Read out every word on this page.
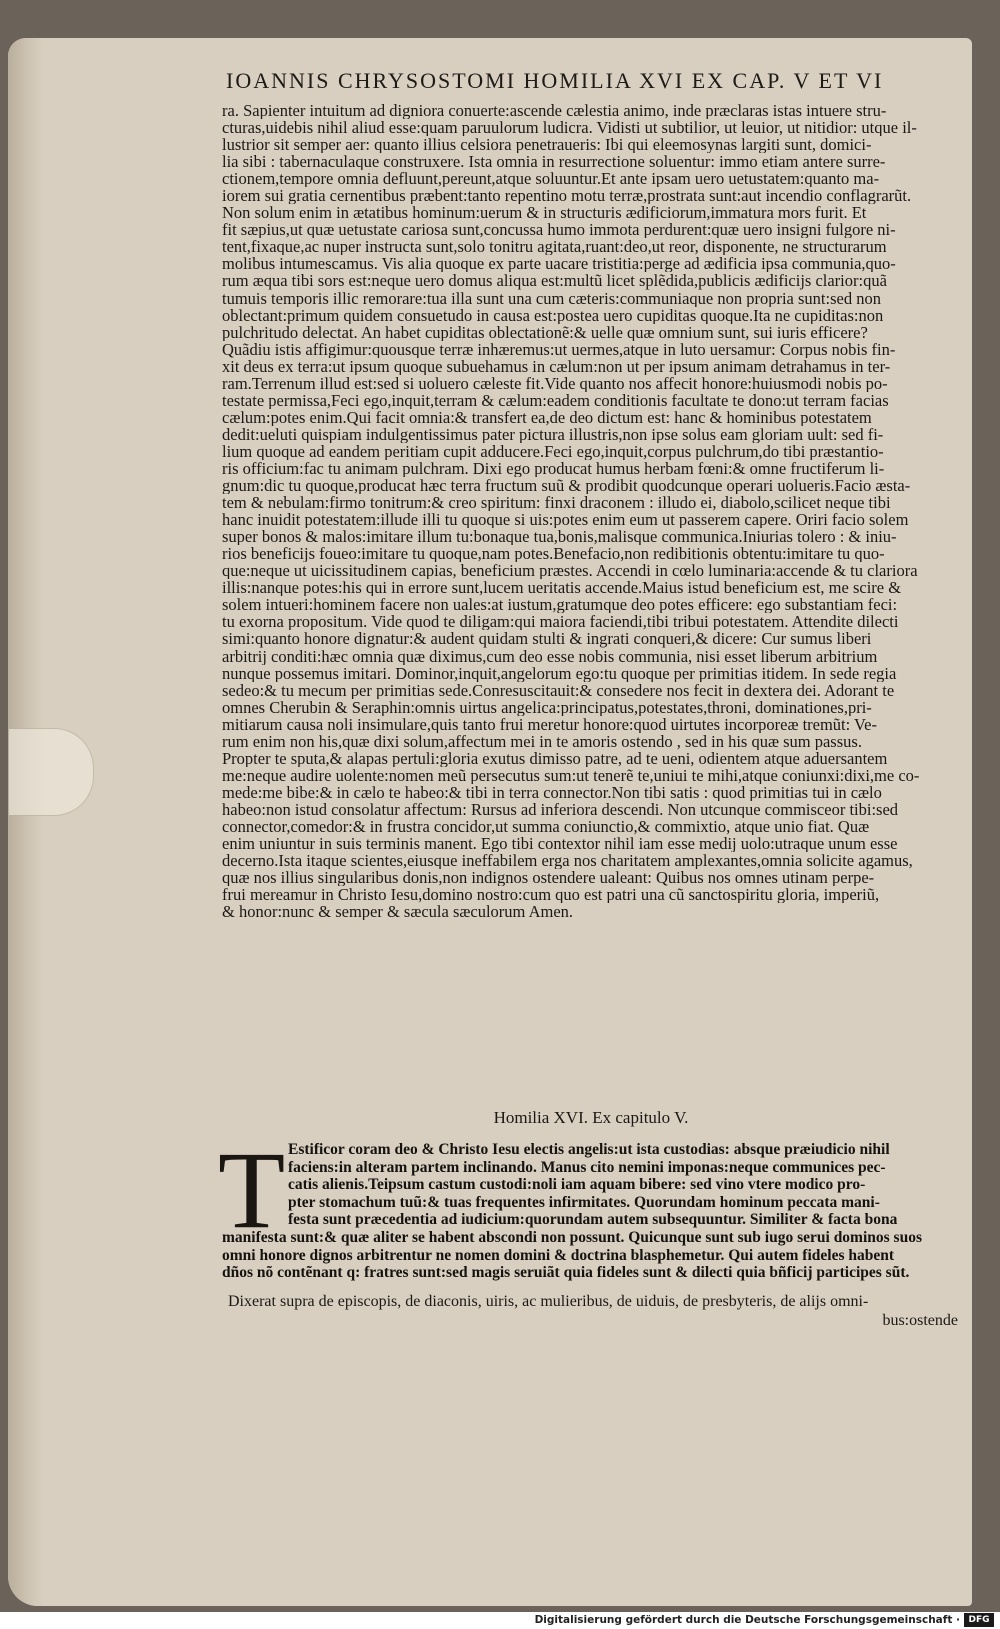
IOANNIS CHRYSOSTOMI HOMILIA XVI EX CAP. V ET VI
ra. Sapienter intuitum ad digniora conuerte:ascende cælestia animo, inde præclaras istas intuere stru-
cturas,uidebis nihil aliud esse:quam paruulorum ludicra. Vidisti ut subtilior, ut leuior, ut nitidior: utque il-
lustrior sit semper aer: quanto illius celsiora penetraueris: Ibi qui eleemosynas largiti sunt, domici-
lia sibi : tabernaculaque construxere. Ista omnia in resurrectione soluentur: immo etiam antere surre-
ctionem,tempore omnia defluunt,pereunt,atque soluuntur.Et ante ipsam uero uetustatem:quanto ma-
iorem sui gratia cernentibus præbent:tanto repentino motu terræ,prostrata sunt:aut incendio conflagrarũt.
Non solum enim in ætatibus hominum:uerum & in structuris ædificiorum,immatura mors furit. Et
fit sæpius,ut quæ uetustate cariosa sunt,concussa humo immota perdurent:quæ uero insigni fulgore ni-
tent,fixaque,ac nuper instructa sunt,solo tonitru agitata,ruant:deo,ut reor, disponente, ne structurarum
molibus intumescamus. Vis alia quoque ex parte uacare tristitia:perge ad ædificia ipsa communia,quo-
rum æqua tibi sors est:neque uero domus aliqua est:multũ licet splẽdida,publicis ædificijs clarior:quã
tumuis temporis illic remorare:tua illa sunt una cum cæteris:communiaque non propria sunt:sed non
oblectant:primum quidem consuetudo in causa est:postea uero cupiditas quoque.Ita ne cupiditas:non
pulchritudo delectat. An habet cupiditas oblectationẽ:& uelle quæ omnium sunt, sui iuris efficere?
Quãdiu istis affigimur:quousque terræ inhæremus:ut uermes,atque in luto uersamur: Corpus nobis fin-
xit deus ex terra:ut ipsum quoque subuehamus in cælum:non ut per ipsum animam detrahamus in ter-
ram.Terrenum illud est:sed si uoluero cæleste fit.Vide quanto nos affecit honore:huiusmodi nobis po-
testate permissa,Feci ego,inquit,terram & cælum:eadem conditionis facultate te dono:ut terram facias
cælum:potes enim.Qui facit omnia:& transfert ea,de deo dictum est: hanc & hominibus potestatem
dedit:ueluti quispiam indulgentissimus pater pictura illustris,non ipse solus eam gloriam uult: sed fi-
lium quoque ad eandem peritiam cupit adducere.Feci ego,inquit,corpus pulchrum,do tibi præstantio-
ris officium:fac tu animam pulchram. Dixi ego producat humus herbam fœni:& omne fructiferum li-
gnum:dic tu quoque,producat hæc terra fructum suũ & prodibit quodcunque operari uolueris.Facio æsta-
tem & nebulam:firmo tonitrum:& creo spiritum: finxi draconem : illudo ei, diabolo,scilicet neque tibi
hanc inuidit potestatem:illude illi tu quoque si uis:potes enim eum ut passerem capere. Oriri facio solem
super bonos & malos:imitare illum tu:bonaque tua,bonis,malisque communica.Iniurias tolero : & iniu-
rios beneficijs foueo:imitare tu quoque,nam potes.Benefacio,non redibitionis obtentu:imitare tu quo-
que:neque ut uicissitudinem capias, beneficium præstes. Accendi in cœlo luminaria:accende & tu clariora
illis:nanque potes:his qui in errore sunt,lucem ueritatis accende.Maius istud beneficium est, me scire &
solem intueri:hominem facere non uales:at iustum,gratumque deo potes efficere: ego substantiam feci:
tu exorna propositum. Vide quod te diligam:qui maiora faciendi,tibi tribui potestatem. Attendite dilecti
simi:quanto honore dignatur:& audent quidam stulti & ingrati conqueri,& dicere: Cur sumus liberi
arbitrij conditi:hæc omnia quæ diximus,cum deo esse nobis communia, nisi esset liberum arbitrium
nunque possemus imitari. Dominor,inquit,angelorum ego:tu quoque per primitias itidem. In sede regia
sedeo:& tu mecum per primitias sede.Conresuscitauit:& consedere nos fecit in dextera dei. Adorant te
omnes Cherubin & Seraphin:omnis uirtus angelica:principatus,potestates,throni, dominationes,pri-
mitiarum causa noli insimulare,quis tanto frui meretur honore:quod uirtutes incorporeæ tremũt: Ve-
rum enim non his,quæ dixi solum,affectum mei in te amoris ostendo , sed in his quæ sum passus.
Propter te sputa,& alapas pertuli:gloria exutus dimisso patre, ad te ueni, odientem atque aduersantem
me:neque audire uolente:nomen meũ persecutus sum:ut tenerẽ te,uniui te mihi,atque coniunxi:dixi,me co-
mede:me bibe:& in cælo te habeo:& tibi in terra connector.Non tibi satis : quod primitias tui in cælo
habeo:non istud consolatur affectum: Rursus ad inferiora descendi. Non utcunque commisceor tibi:sed
connector,comedor:& in frustra concidor,ut summa coniunctio,& commixtio, atque unio fiat. Quæ
enim uniuntur in suis terminis manent. Ego tibi contextor nihil iam esse medij uolo:utraque unum esse
decerno.Ista itaque scientes,eiusque ineffabilem erga nos charitatem amplexantes,omnia solicite agamus,
quæ nos illius singularibus donis,non indignos ostendere ualeant: Quibus nos omnes utinam perpe-
frui mereamur in Christo Iesu,domino nostro:cum quo est patri una cũ sanctospiritu gloria, imperiũ,
& honor:nunc & semper & sæcula sæculorum Amen.
Homilia XVI. Ex capitulo V.
T Estificor coram deo & Christo Iesu electis angelis:ut ista custodias: absque præiudicio nihil
faciens:in alteram partem inclinando. Manus cito nemini imponas:neque communices pec-
catis alienis.Teipsum castum custodi:noli iam aquam bibere: sed vino vtere modico pro-
pter stomachum tuũ:& tuas frequentes infirmitates. Quorundam hominum peccata mani-
festa sunt præcedentia ad iudicium:quorundam autem subsequuntur. Similiter & facta bona
manifesta sunt:& quæ aliter se habent abscondi non possunt. Quicunque sunt sub iugo serui dominos suos
omni honore dignos arbitrentur ne nomen domini & doctrina blasphemetur. Qui autem fideles habent
dños nõ contẽnant q: fratres sunt:sed magis seruiãt quia fideles sunt & dilecti quia bñficij participes sũt.
Dixerat supra de episcopis, de diaconis, uiris, ac mulieribus, de uiduis, de presbyteris, de alijs omni-
bus:ostende
Digitalisierung gefördert durch die Deutsche Forschungsgemeinschaft · DFG
